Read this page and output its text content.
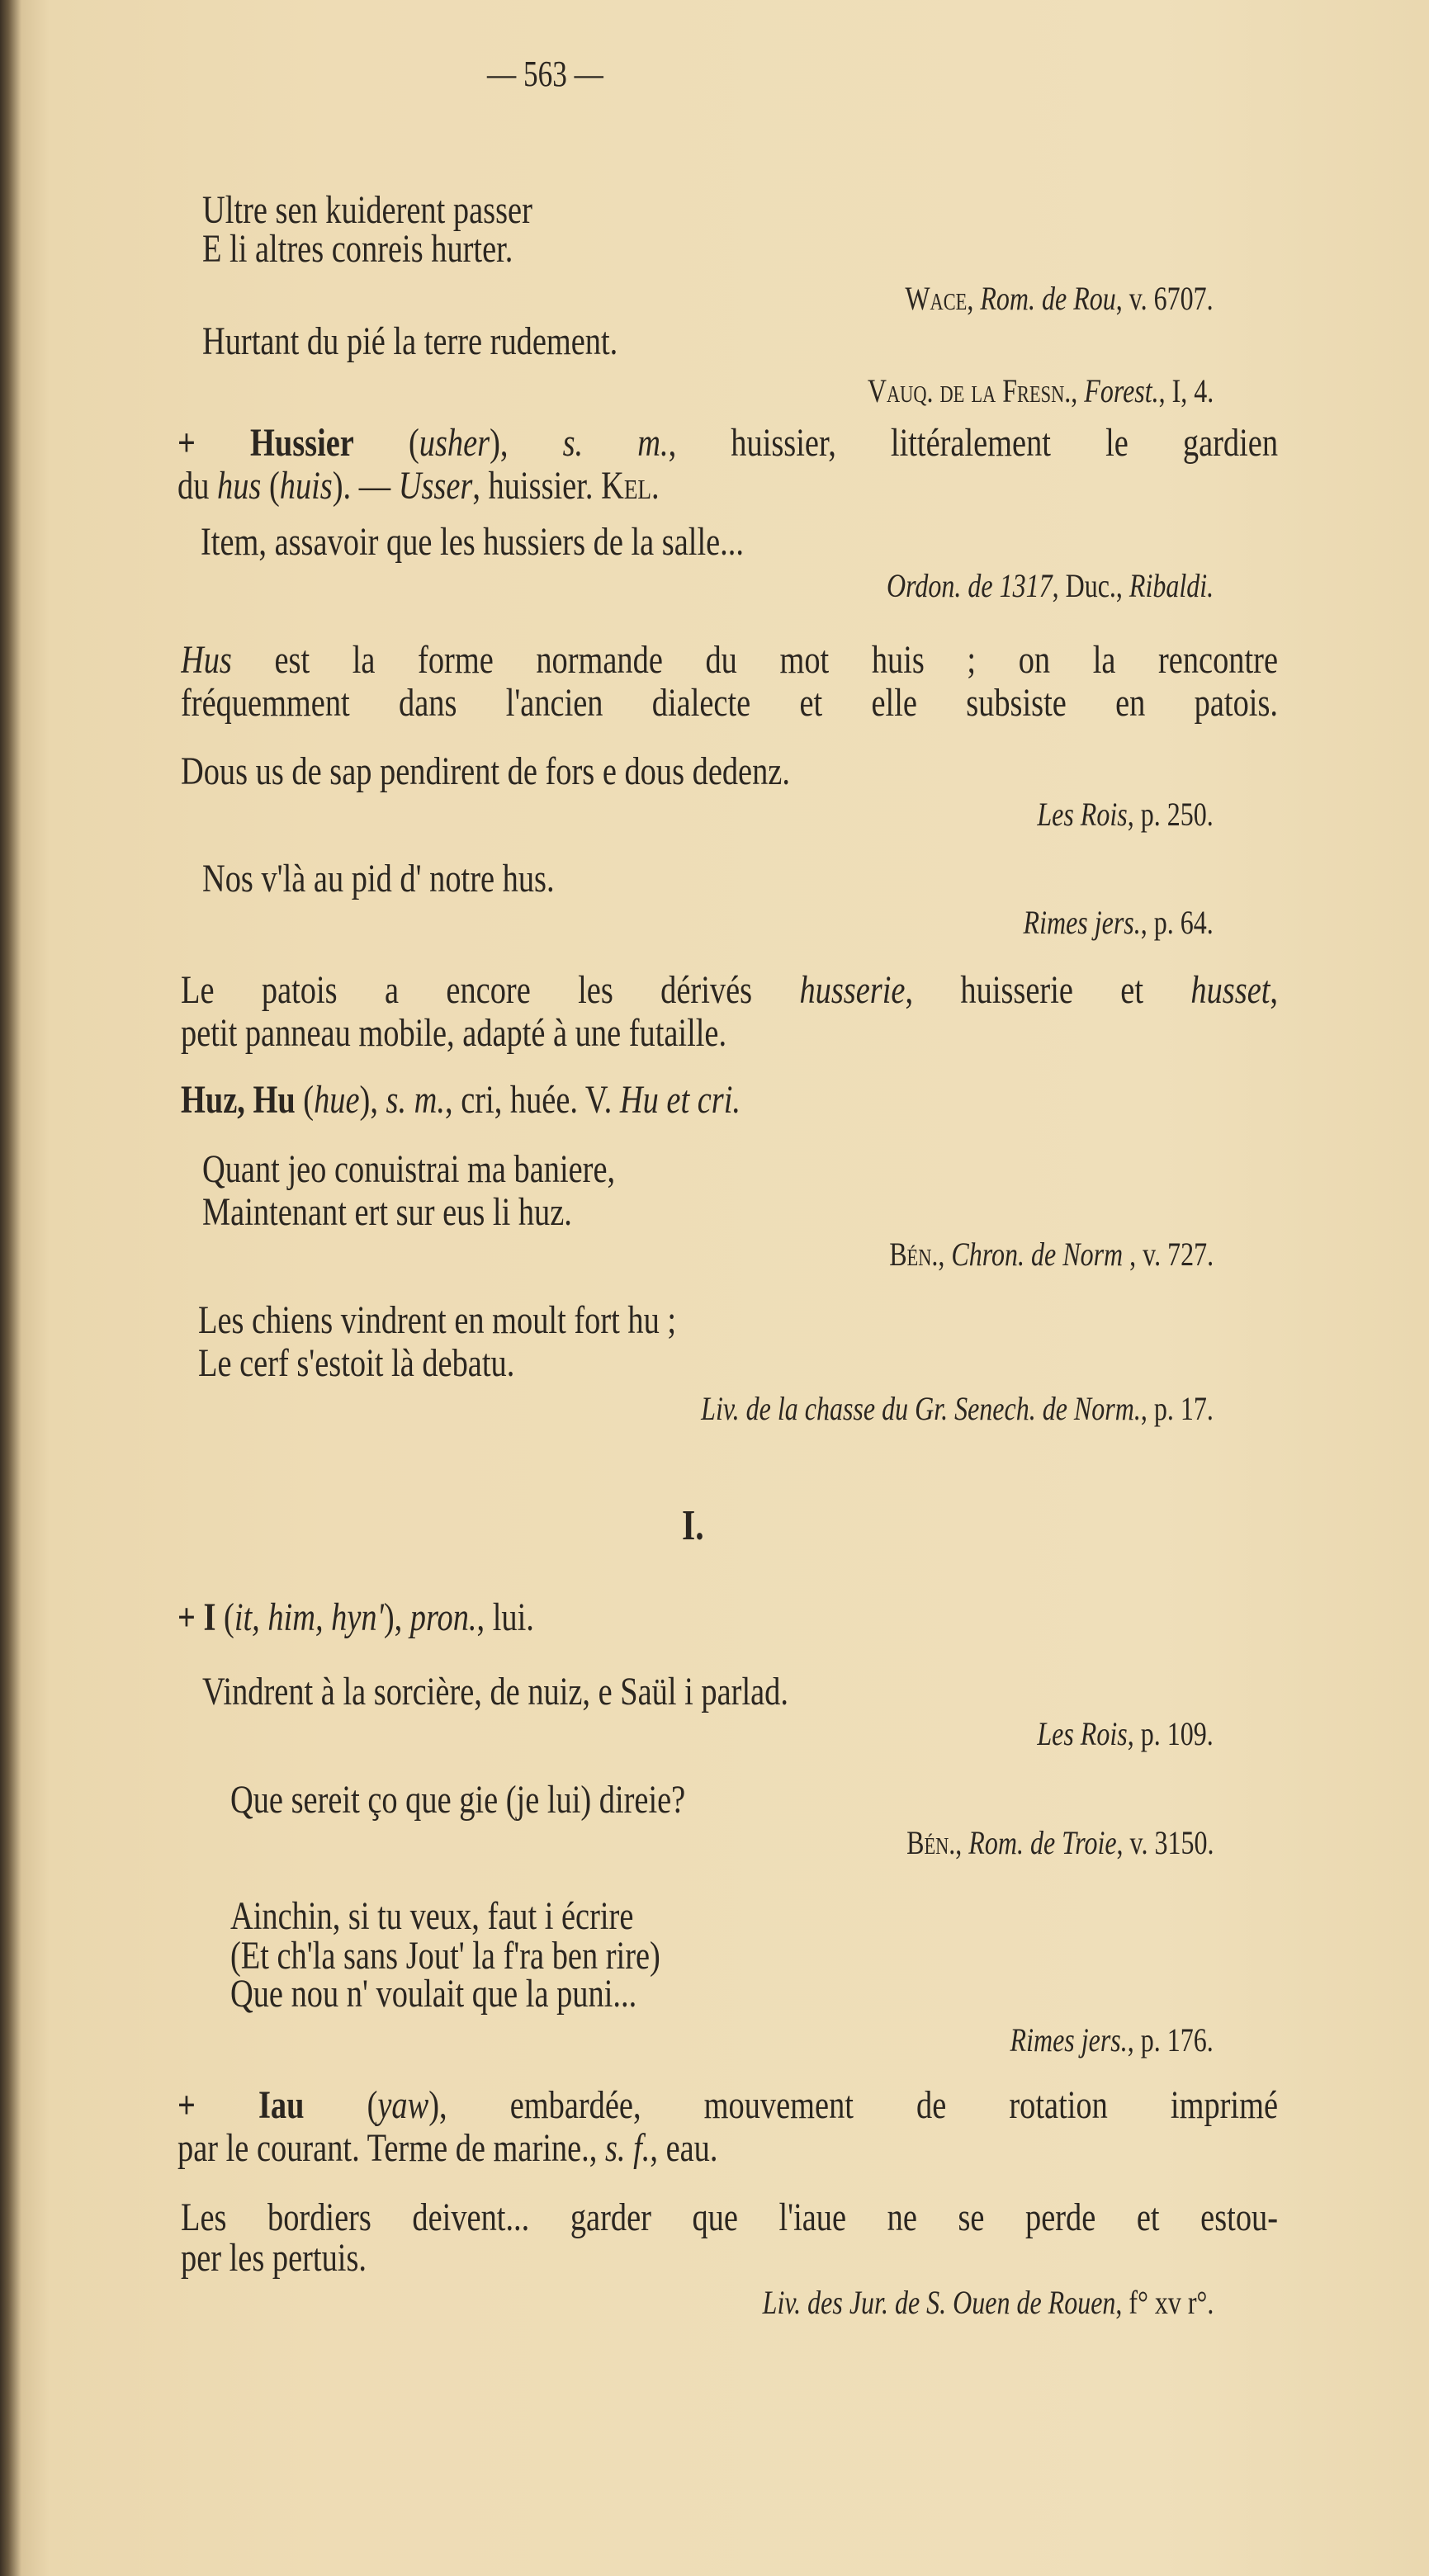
— 563 —
Ultre sen kuiderent passer
E li altres conreis hurter.
Wace, Rom. de Rou, v. 6707.
Hurtant du pié la terre rudement.
Vauq. de la Fresn., Forest., I, 4.
+ Hussier (usher), s. m., huissier, littéralement le gardien
du hus (huis). — Usser, huissier. Kel.
Item, assavoir que les hussiers de la salle...
Ordon. de 1317, Duc., Ribaldi.
Hus est la forme normande du mot huis ; on la rencontre
fréquemment dans l'ancien dialecte et elle subsiste en patois.
Dous us de sap pendirent de fors e dous dedenz.
Les Rois, p. 250.
Nos v'là au pid d' notre hus.
Rimes jers., p. 64.
Le patois a encore les dérivés husserie, huisserie et husset,
petit panneau mobile, adapté à une futaille.
Huz, Hu (hue), s. m., cri, huée. V. Hu et cri.
Quant jeo conuistrai ma baniere,
Maintenant ert sur eus li huz.
Bén., Chron. de Norm , v. 727.
Les chiens vindrent en moult fort hu ;
Le cerf s'estoit là debatu.
Liv. de la chasse du Gr. Senech. de Norm., p. 17.
I.
+ I (it, him, hyn'), pron., lui.
Vindrent à la sorcière, de nuiz, e Saül i parlad.
Les Rois, p. 109.
Que sereit ço que gie (je lui) direie?
Bén., Rom. de Troie, v. 3150.
Ainchin, si tu veux, faut i écrire
(Et ch'la sans Jout' la f'ra ben rire)
Que nou n' voulait que la puni...
Rimes jers., p. 176.
+ Iau (yaw), embardée, mouvement de rotation imprimé
par le courant. Terme de marine., s. f., eau.
Les bordiers deivent... garder que l'iaue ne se perde et estou-
per les pertuis.
Liv. des Jur. de S. Ouen de Rouen, f° xv r°.
